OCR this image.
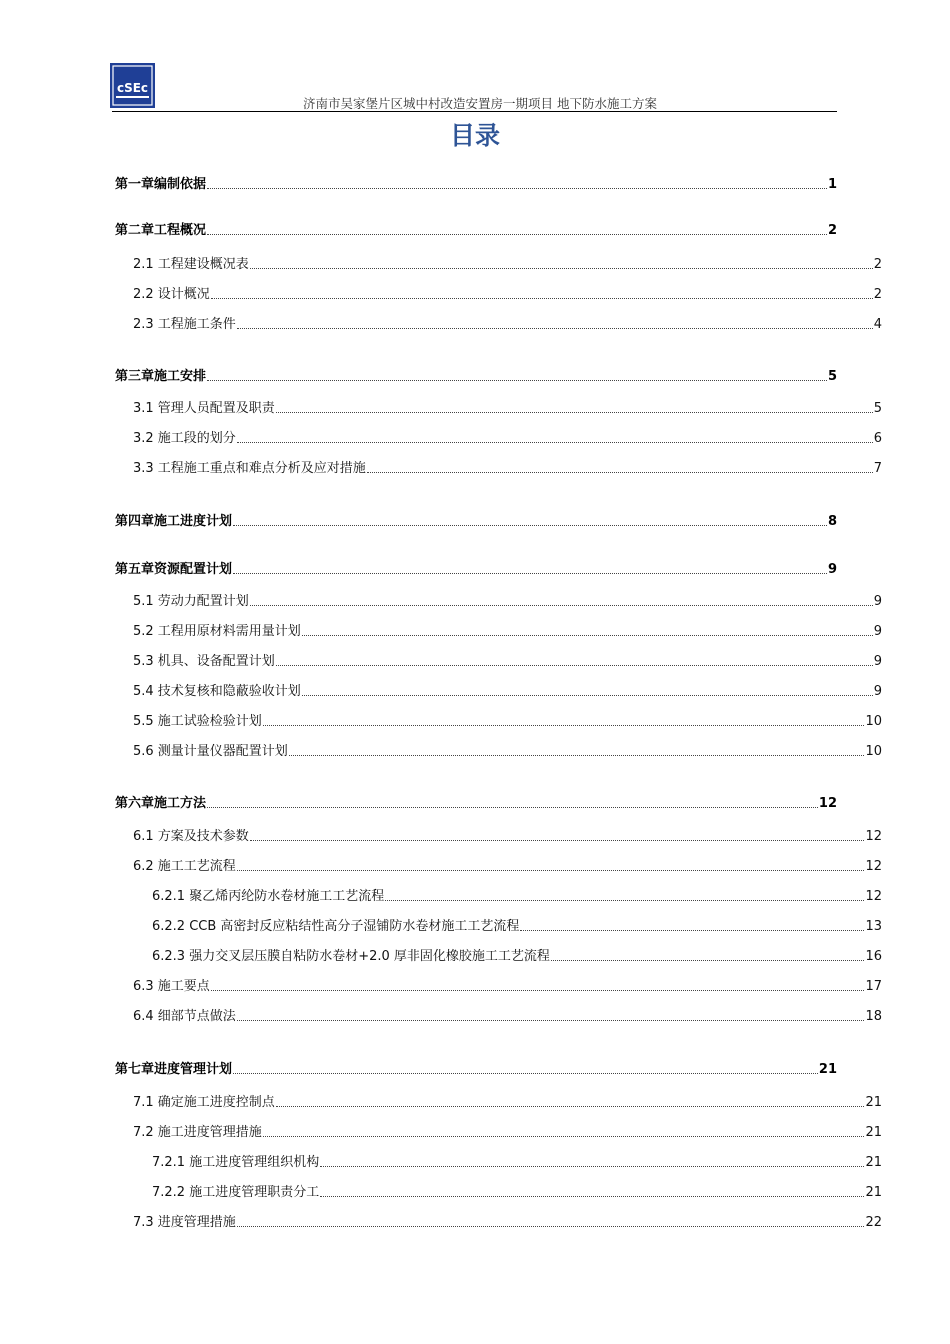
cSEc
济南市吴家堡片区城中村改造安置房一期项目 地下防水施工方案
目录
第一章编制依据	1
第二章工程概况	2
2.1 工程建设概况表	2
2.2 设计概况	2
2.3 工程施工条件	4
第三章施工安排	5
3.1 管理人员配置及职责	5
3.2 施工段的划分	6
3.3 工程施工重点和难点分析及应对措施	7
第四章施工进度计划	8
第五章资源配置计划	9
5.1 劳动力配置计划	9
5.2 工程用原材料需用量计划	9
5.3 机具、设备配置计划	9
5.4 技术复核和隐蔽验收计划	9
5.5 施工试验检验计划	10
5.6 测量计量仪器配置计划	10
第六章施工方法	12
6.1 方案及技术参数	12
6.2 施工工艺流程	12
6.2.1 聚乙烯丙纶防水卷材施工工艺流程	12
6.2.2 CCB 高密封反应粘结性高分子湿铺防水卷材施工工艺流程	13
6.2.3 强力交叉层压膜自粘防水卷材+2.0 厚非固化橡胶施工工艺流程	16
6.3 施工要点	17
6.4 细部节点做法	18
第七章进度管理计划	21
7.1 确定施工进度控制点	21
7.2 施工进度管理措施	21
7.2.1 施工进度管理组织机构	21
7.2.2 施工进度管理职责分工	21
7.3 进度管理措施	22
